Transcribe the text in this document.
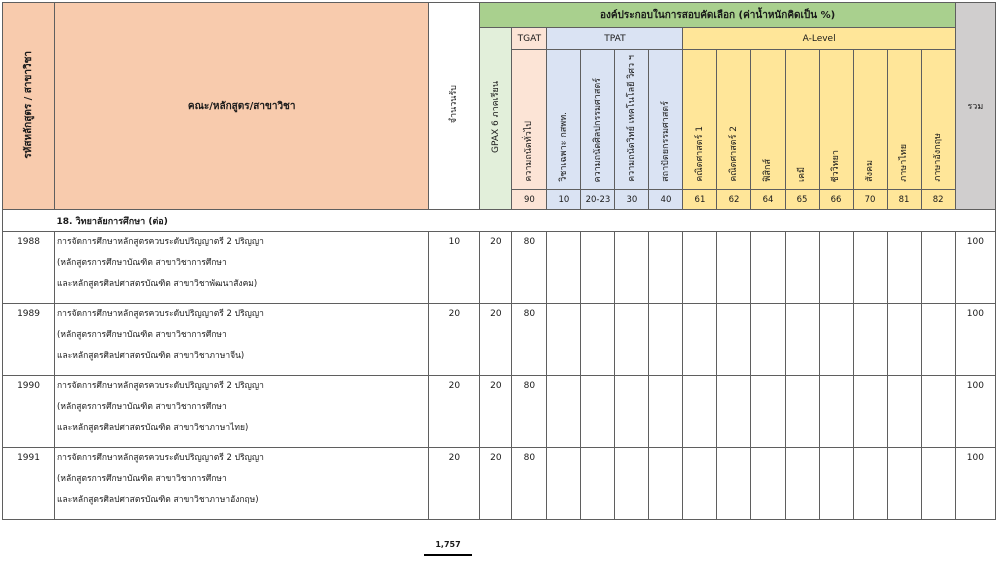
รหัสหลักสูตร / สาขาวิชา	คณะ/หลักสูตร/สาขาวิชา	จำนวนรับ	องค์ประกอบในการสอบคัดเลือก (ค่าน้ำหนักคิดเป็น %)														รวม
			GPAX 6 ภาคเรียน	TGAT	TPAT				A-Level								
				ความถนัดทั่วไป	วิชาเฉพาะ กสพท.	ความถนัดศิลปกรรมศาสตร์	ความถนัดวิทย์ เทคโนโลยี วิศว ฯ	สถาปัตยกรรมศาสตร์	คณิตศาสตร์ 1	คณิตศาสตร์ 2	ฟิสิกส์	เคมี	ชีววิทยา	สังคม	ภาษาไทย	ภาษาอังกฤษ	
				90	10	20-23	30	40	61	62	64	65	66	70	81	82	
	18. วิทยาลัยการศึกษา (ต่อ)																
1988	การจัดการศึกษาหลักสูตรควบระดับปริญญาตรี 2 ปริญญา
(หลักสูตรการศึกษาบัณฑิต สาขาวิชาการศึกษา
และหลักสูตรศิลปศาสตรบัณฑิต สาขาวิชาพัฒนาสังคม)	10	20	80													100
1989	การจัดการศึกษาหลักสูตรควบระดับปริญญาตรี 2 ปริญญา
(หลักสูตรการศึกษาบัณฑิต สาขาวิชาการศึกษา
และหลักสูตรศิลปศาสตรบัณฑิต สาขาวิชาภาษาจีน)	20	20	80													100
1990	การจัดการศึกษาหลักสูตรควบระดับปริญญาตรี 2 ปริญญา
(หลักสูตรการศึกษาบัณฑิต สาขาวิชาการศึกษา
และหลักสูตรศิลปศาสตรบัณฑิต สาขาวิชาภาษาไทย)	20	20	80													100
1991	การจัดการศึกษาหลักสูตรควบระดับปริญญาตรี 2 ปริญญา
(หลักสูตรการศึกษาบัณฑิต สาขาวิชาการศึกษา
และหลักสูตรศิลปศาสตรบัณฑิต สาขาวิชาภาษาอังกฤษ)	20	20	80													100
1,757
